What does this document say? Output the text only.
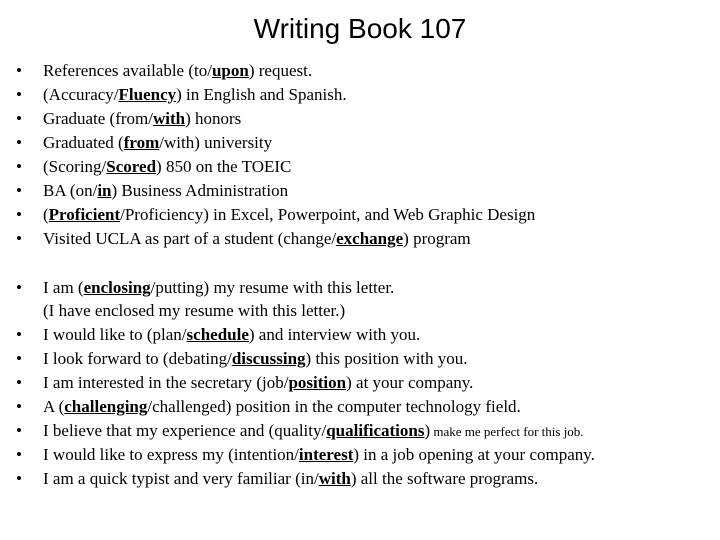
Writing Book 107
• References available (to/upon) request.
• (Accuracy/Fluency) in English and Spanish.
• Graduate (from/with) honors
• Graduated (from/with) university
• (Scoring/Scored) 850 on the TOEIC
• BA (on/in) Business Administration
• (Proficient/Proficiency) in Excel, Powerpoint, and Web Graphic Design
• Visited UCLA as part of a student (change/exchange) program
• I am (enclosing/putting) my resume with this letter.
(I have enclosed my resume with this letter.)
• I would like to (plan/schedule) and interview with you.
• I look forward to (debating/discussing) this position with you.
• I am interested in the secretary (job/position) at your company.
• A (challenging/challenged) position in the computer technology field.
• I believe that my experience and (quality/qualifications) make me perfect for this job.
• I would like to express my (intention/interest) in a job opening at your company.
• I am a quick typist and very familiar (in/with) all the software programs.
